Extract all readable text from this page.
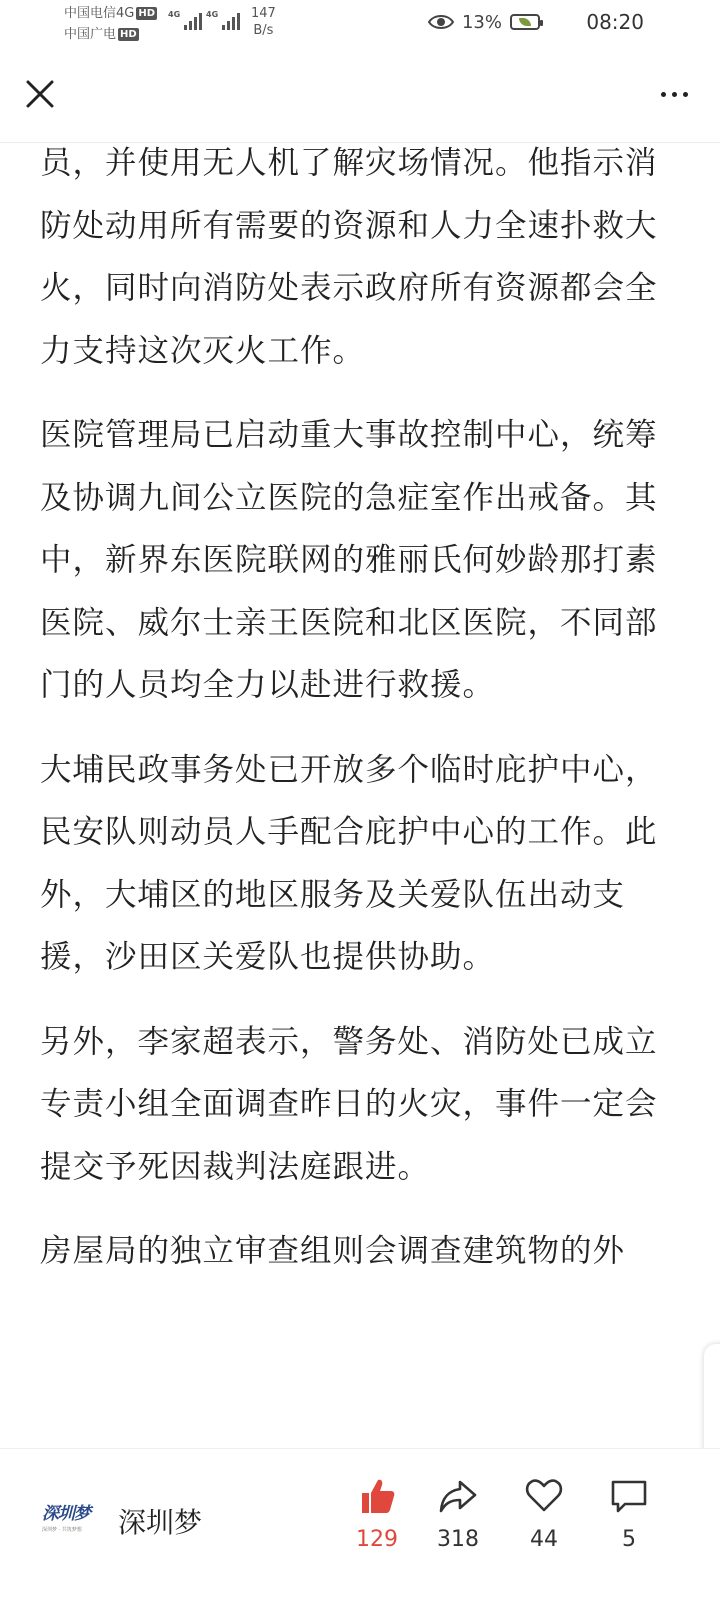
中国电信4G HD
中国广电 HD
4G	4G	147
B/s	13%	08:20

员，并使用无人机了解灾场情况。他指示消防处动用所有需要的资源和人力全速扑救大火，同时向消防处表示政府所有资源都会全力支持这次灭火工作。

医院管理局已启动重大事故控制中心，统筹及协调九间公立医院的急症室作出戒备。其中，新界东医院联网的雅丽氏何妙龄那打素医院、威尔士亲王医院和北区医院，不同部门的人员均全力以赴进行救援。

大埔民政事务处已开放多个临时庇护中心，民安队则动员人手配合庇护中心的工作。此外，大埔区的地区服务及关爱队伍出动支援，沙田区关爱队也提供协助。

另外，李家超表示，警务处、消防处已成立专责小组全面调查昨日的火灾，事件一定会提交予死因裁判法庭跟进。

房屋局的独立审查组则会调查建筑物的外

深圳梦
深圳梦 · 共筑梦想	深圳梦
129	318	44	5
